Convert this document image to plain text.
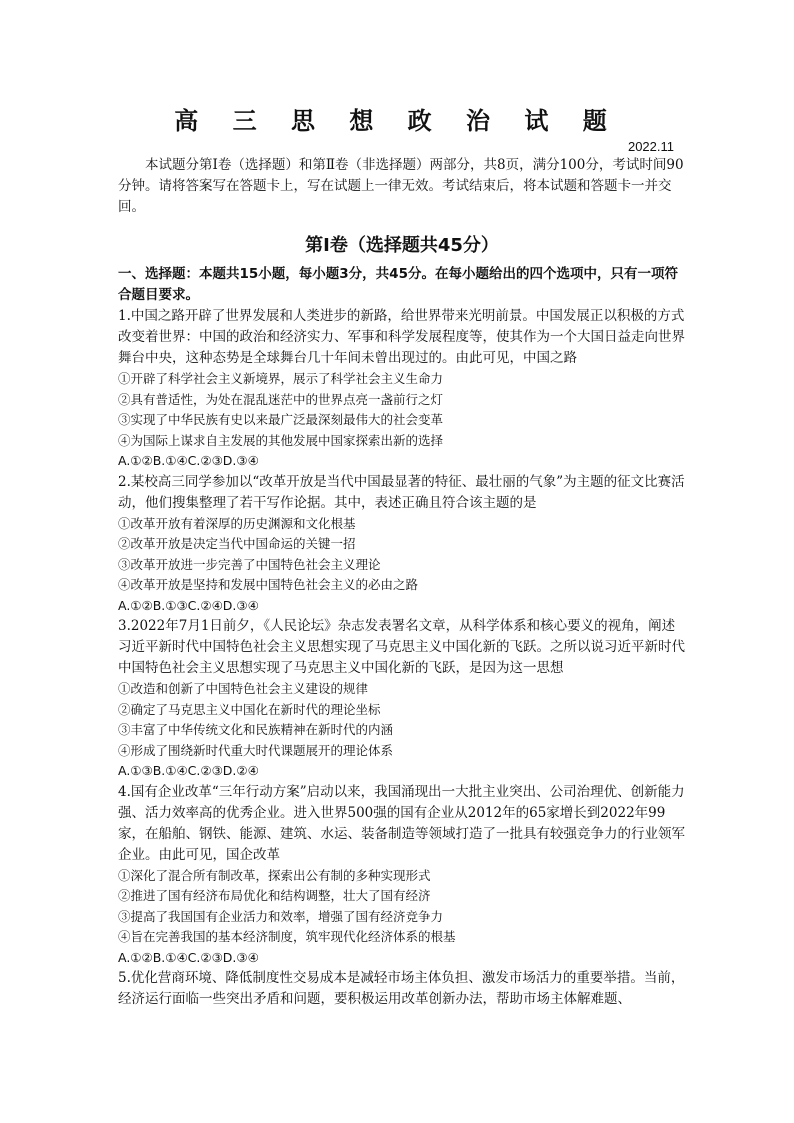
高 三 思 想 政 治 试 题
2022.11

本试题分第Ⅰ卷（选择题）和第Ⅱ卷（非选择题）两部分，共8页，满分100分，考试时间90分钟。请将答案写在答题卡上，写在试题上一律无效。考试结束后，将本试题和答题卡一并交回。

第Ⅰ卷（选择题共45分）
一、选择题：本题共15小题，每小题3分，共45分。在每小题给出的四个选项中，只有一项符合题目要求。
1.中国之路开辟了世界发展和人类进步的新路，给世界带来光明前景。中国发展正以积极的方式改变着世界：中国的政治和经济实力、军事和科学发展程度等，使其作为一个大国日益走向世界舞台中央，这种态势是全球舞台几十年间未曾出现过的。由此可见，中国之路
①开辟了科学社会主义新境界，展示了科学社会主义生命力
②具有普适性，为处在混乱迷茫中的世界点亮一盏前行之灯
③实现了中华民族有史以来最广泛最深刻最伟大的社会变革
④为国际上谋求自主发展的其他发展中国家探索出新的选择
A.①②B.①④C.②③D.③④
2.某校高三同学参加以“改革开放是当代中国最显著的特征、最壮丽的气象”为主题的征文比赛活动，他们搜集整理了若干写作论据。其中，表述正确且符合该主题的是
①改革开放有着深厚的历史渊源和文化根基
②改革开放是决定当代中国命运的关键一招
③改革开放进一步完善了中国特色社会主义理论
④改革开放是坚持和发展中国特色社会主义的必由之路
A.①②B.①③C.②④D.③④
3.2022年7月1日前夕，《人民论坛》杂志发表署名文章，从科学体系和核心要义的视角，阐述习近平新时代中国特色社会主义思想实现了马克思主义中国化新的飞跃。之所以说习近平新时代中国特色社会主义思想实现了马克思主义中国化新的飞跃，是因为这一思想
①改造和创新了中国特色社会主义建设的规律
②确定了马克思主义中国化在新时代的理论坐标
③丰富了中华传统文化和民族精神在新时代的内涵
④形成了围绕新时代重大时代课题展开的理论体系
A.①③B.①④C.②③D.②④
4.国有企业改革“三年行动方案”启动以来，我国涌现出一大批主业突出、公司治理优、创新能力强、活力效率高的优秀企业。进入世界500强的国有企业从2012年的65家增长到2022年99家，在船舶、钢铁、能源、建筑、水运、装备制造等领域打造了一批具有较强竞争力的行业领军企业。由此可见，国企改革
①深化了混合所有制改革，探索出公有制的多种实现形式
②推进了国有经济布局优化和结构调整，壮大了国有经济
③提高了我国国有企业活力和效率，增强了国有经济竞争力
④旨在完善我国的基本经济制度，筑牢现代化经济体系的根基
A.①②B.①④C.②③D.③④
5.优化营商环境、降低制度性交易成本是减轻市场主体负担、激发市场活力的重要举措。当前，经济运行面临一些突出矛盾和问题，要积极运用改革创新办法，帮助市场主体解难题、
